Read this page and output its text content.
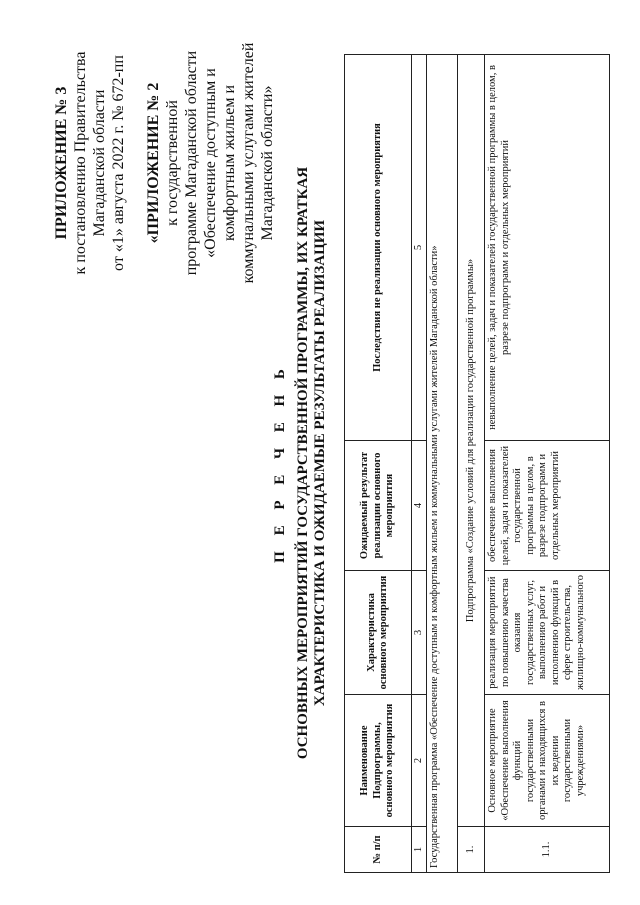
ПРИЛОЖЕНИЕ № 3 к постановлению Правительства Магаданской области от «1» августа 2022 г. № 672-пп «ПРИЛОЖЕНИЕ № 2 к государственной программе Магаданской области «Обеспечение доступным и комфортным жильем и коммунальными услугами жителей Магаданской области»
П Е Р Е Ч Е Н Ь ОСНОВНЫХ МЕРОПРИЯТИЙ ГОСУДАРСТВЕННОЙ ПРОГРАММЫ, ИХ КРАТКАЯ ХАРАКТЕРИСТИКА И ОЖИДАЕМЫЕ РЕЗУЛЬТАТЫ РЕАЛИЗАЦИИ
№ п/п	Наименование Подпрограммы, основного мероприятия	Характеристика основного мероприятия	Ожидаемый результат реализации основного мероприятия	Последствия не реализации основного мероприятия
1	2	3	4	5
Государственная программа «Обеспечение доступным и комфортным жильем и коммунальными услугами жителей Магаданской области»				
1.	Подпрограмма «Создание условий для реализации государственной программы»			
1.1.	Основное мероприятие «Обеспечение выполнения функций государственными органами и находящихся в их ведении государственными учреждениями»	реализация мероприятий по повышению качества оказания государственных услуг, выполнению работ и исполнению функций в сфере строительства, жилищно-коммунального	обеспечение выполнения целей, задач и показателей государственной программы в целом, в разрезе подпрограмм и отдельных мероприятий	невыполнение целей, задач и показателей государственной программы в целом, в разрезе подпрограмм и отдельных мероприятий
